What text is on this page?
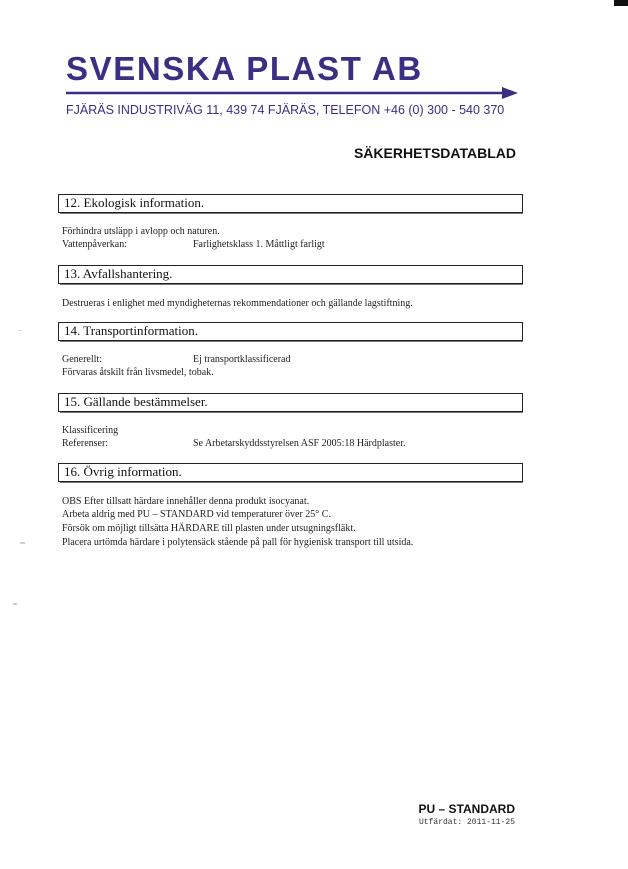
SVENSKA PLAST AB
FJÄRÄS INDUSTRIVÄG 11, 439 74 FJÄRÄS, TELEFON +46 (0) 300 - 540 370
SÄKERHETSDATABLAD
12. Ekologisk information.
Förhindra utsläpp i avlopp och naturen.
Vattenpåverkan:	Farlighetsklass 1. Måttligt farligt
13. Avfallshantering.
Destrueras i enlighet med myndigheternas rekommendationer och gällande lagstiftning.
14. Transportinformation.
Generellt:	Ej transportklassificerad
Förvaras åtskilt från livsmedel, tobak.
15. Gällande bestämmelser.
Klassificering
Referenser:	Se Arbetarskyddsstyrelsen ASF 2005:18 Härdplaster.
16. Övrig information.
OBS Efter tillsatt härdare innehåller denna produkt isocyanat.
Arbeta aldrig med PU – STANDARD vid temperaturer över 25° C.
Försök om möjligt tillsätta HÄRDARE till plasten under utsugningsfläkt.
Placera urtömda härdare i polytensäck stående på pall för hygienisk transport till utsida.
PU – STANDARD
Utfärdat: 2011-11-25
